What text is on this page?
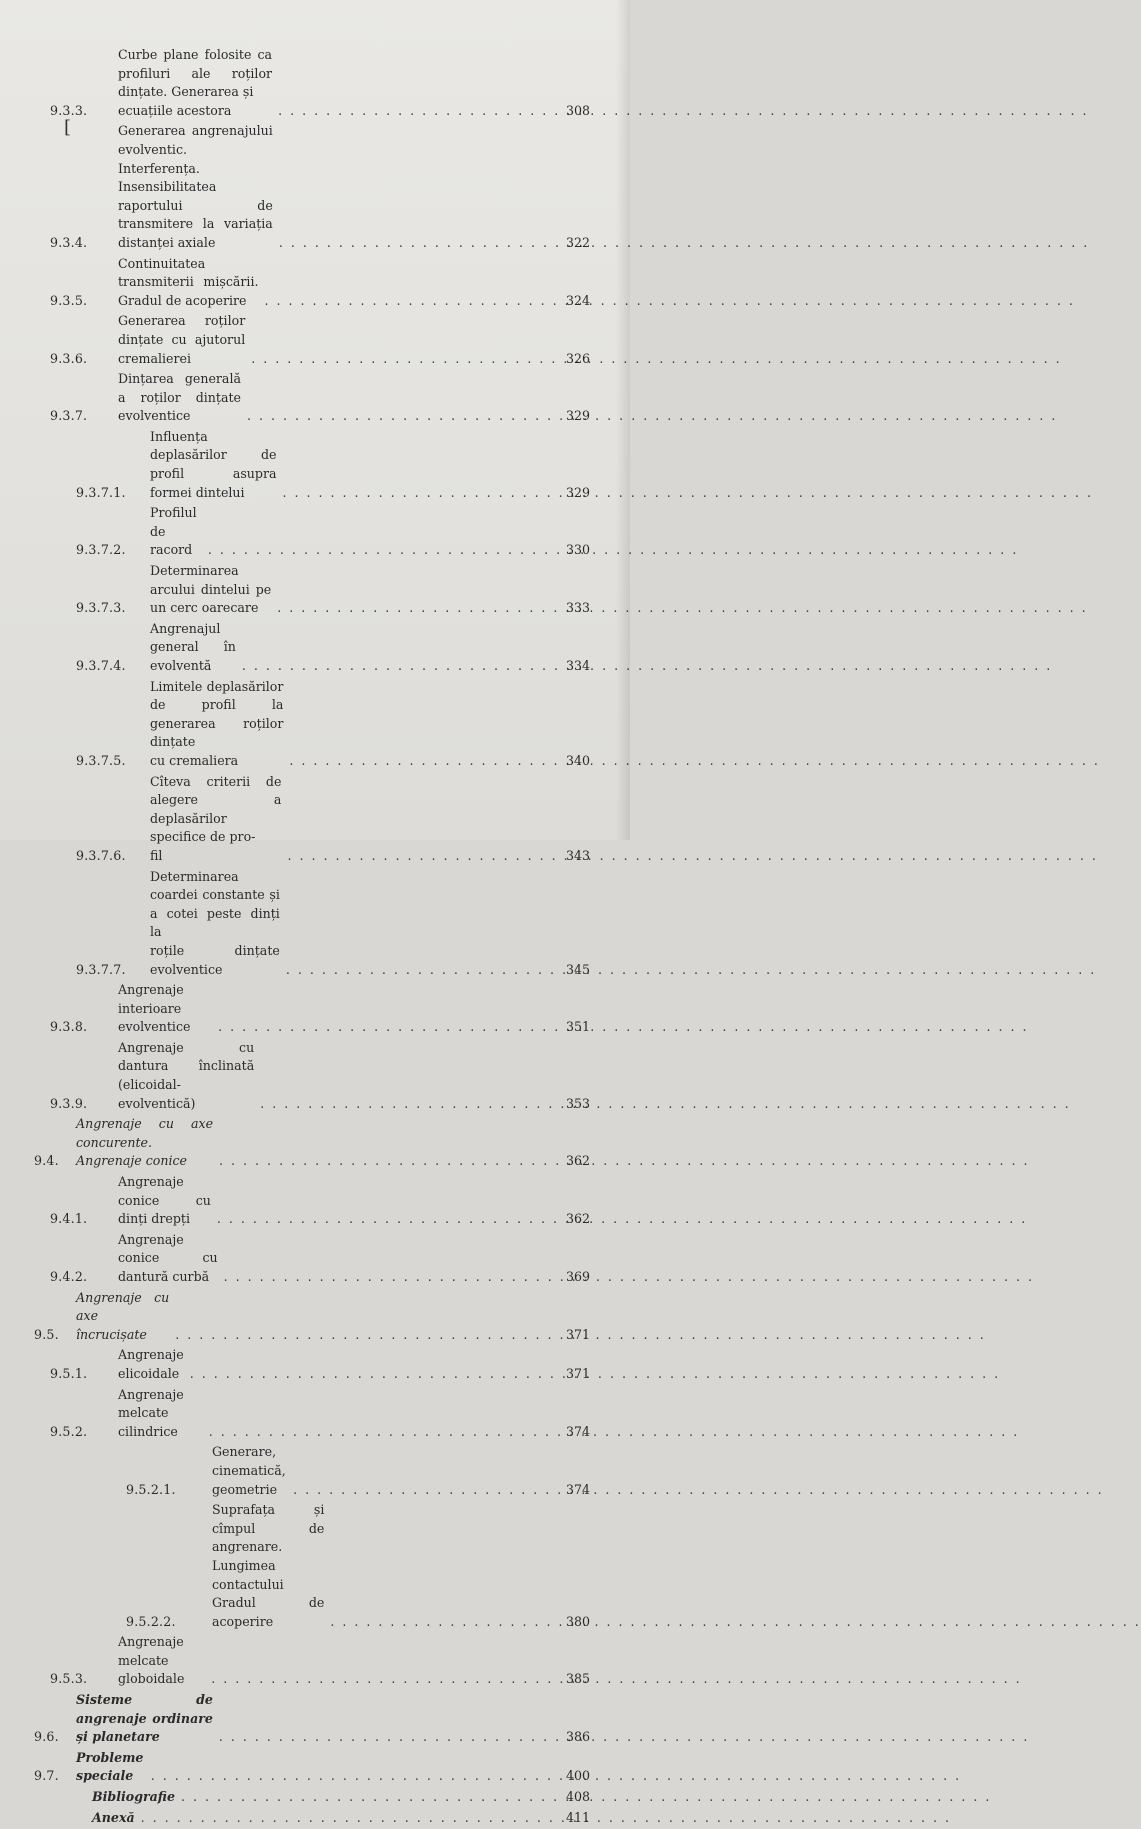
9.3.3.
Curbe plane folosite ca profiluri ale roților dințate. Generarea și
ecuațiile acestora . . .	308
[
9.3.4.
Generarea angrenajului evolventic. Interferența. Insensibilitatea
raportului de transmitere la variația distanței axiale . . .	322
9.3.5.
Continuitatea transmiterii mișcării. Gradul de acoperire . . .	324
9.3.6.
Generarea roților dințate cu ajutorul cremalierei . . .	326
9.3.7.
Dințarea generală a roților dințate evolventice . . .	329
9.3.7.1.
Influența deplasărilor de profil asupra formei dintelui . . .	329
9.3.7.2.
Profilul de racord . . .	330
9.3.7.3.
Determinarea arcului dintelui pe un cerc oarecare . . .	333
9.3.7.4.
Angrenajul general în evolventă . . .	334
9.3.7.5.
Limitele deplasărilor de profil la generarea roților dințate
cu cremaliera . . .	340
9.3.7.6.
Cîteva criterii de alegere a deplasărilor specifice de pro-
fil . . .	343
9.3.7.7.
Determinarea coardei constante și a cotei peste dinți la
roțile dințate evolventice . . .	345
9.3.8.
Angrenaje interioare evolventice . . .	351
9.3.9.
Angrenaje cu dantura înclinată (elicoidal-evolventică) . . .	353
9.4.
Angrenaje cu axe concurente. Angrenaje conice . . .	362
9.4.1.
Angrenaje conice cu dinți drepți . . .	362
9.4.2.
Angrenaje conice cu dantură curbă . . .	369
9.5.
Angrenaje cu axe încrucișate . . .	371
9.5.1.
Angrenaje elicoidale . . .	371
9.5.2.
Angrenaje melcate cilindrice . . .	374
9.5.2.1.
Generare, cinematică, geometrie . . .	374
9.5.2.2.
Suprafața și cîmpul de angrenare. Lungimea contactului
Gradul de acoperire . . .	380
9.5.3.
Angrenaje melcate globoidale . . .	385
9.6.
Sisteme de angrenaje ordinare și planetare . . .	386
9.7.
Probleme speciale . . .	400
Bibliografie . . .	408
Anexă . . .	411
